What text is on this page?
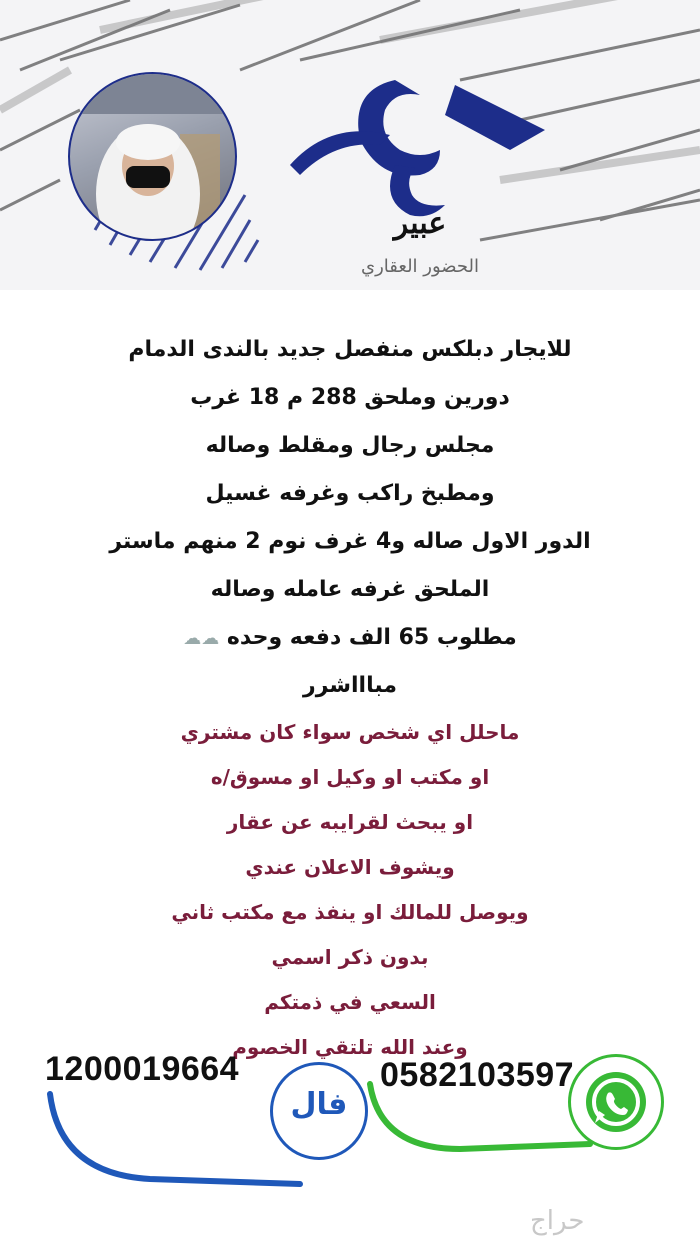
عبير
الحضور العقاري
للايجار دبلكس منفصل جديد بالندى الدمام
دورين وملحق 288 م 18 غرب
مجلس رجال ومقلط وصاله
ومطبخ راكب وغرفه غسيل
الدور الاول صاله و4 غرف نوم 2 منهم ماستر
الملحق غرفه عامله وصاله
مطلوب 65 الف دفعه وحده ☁☁
مباااشرر
ماحلل اي شخص سواء كان مشتري
او مكتب او وكيل او مسوق/ه
او يبحث لقرايبه عن عقار
ويشوف الاعلان عندي
ويوصل للمالك او ينفذ مع مكتب ثاني
بدون ذكر اسمي
السعي في ذمتكم
وعند الله تلتقي الخصوم
1200019664
فال
0582103597
حراج
